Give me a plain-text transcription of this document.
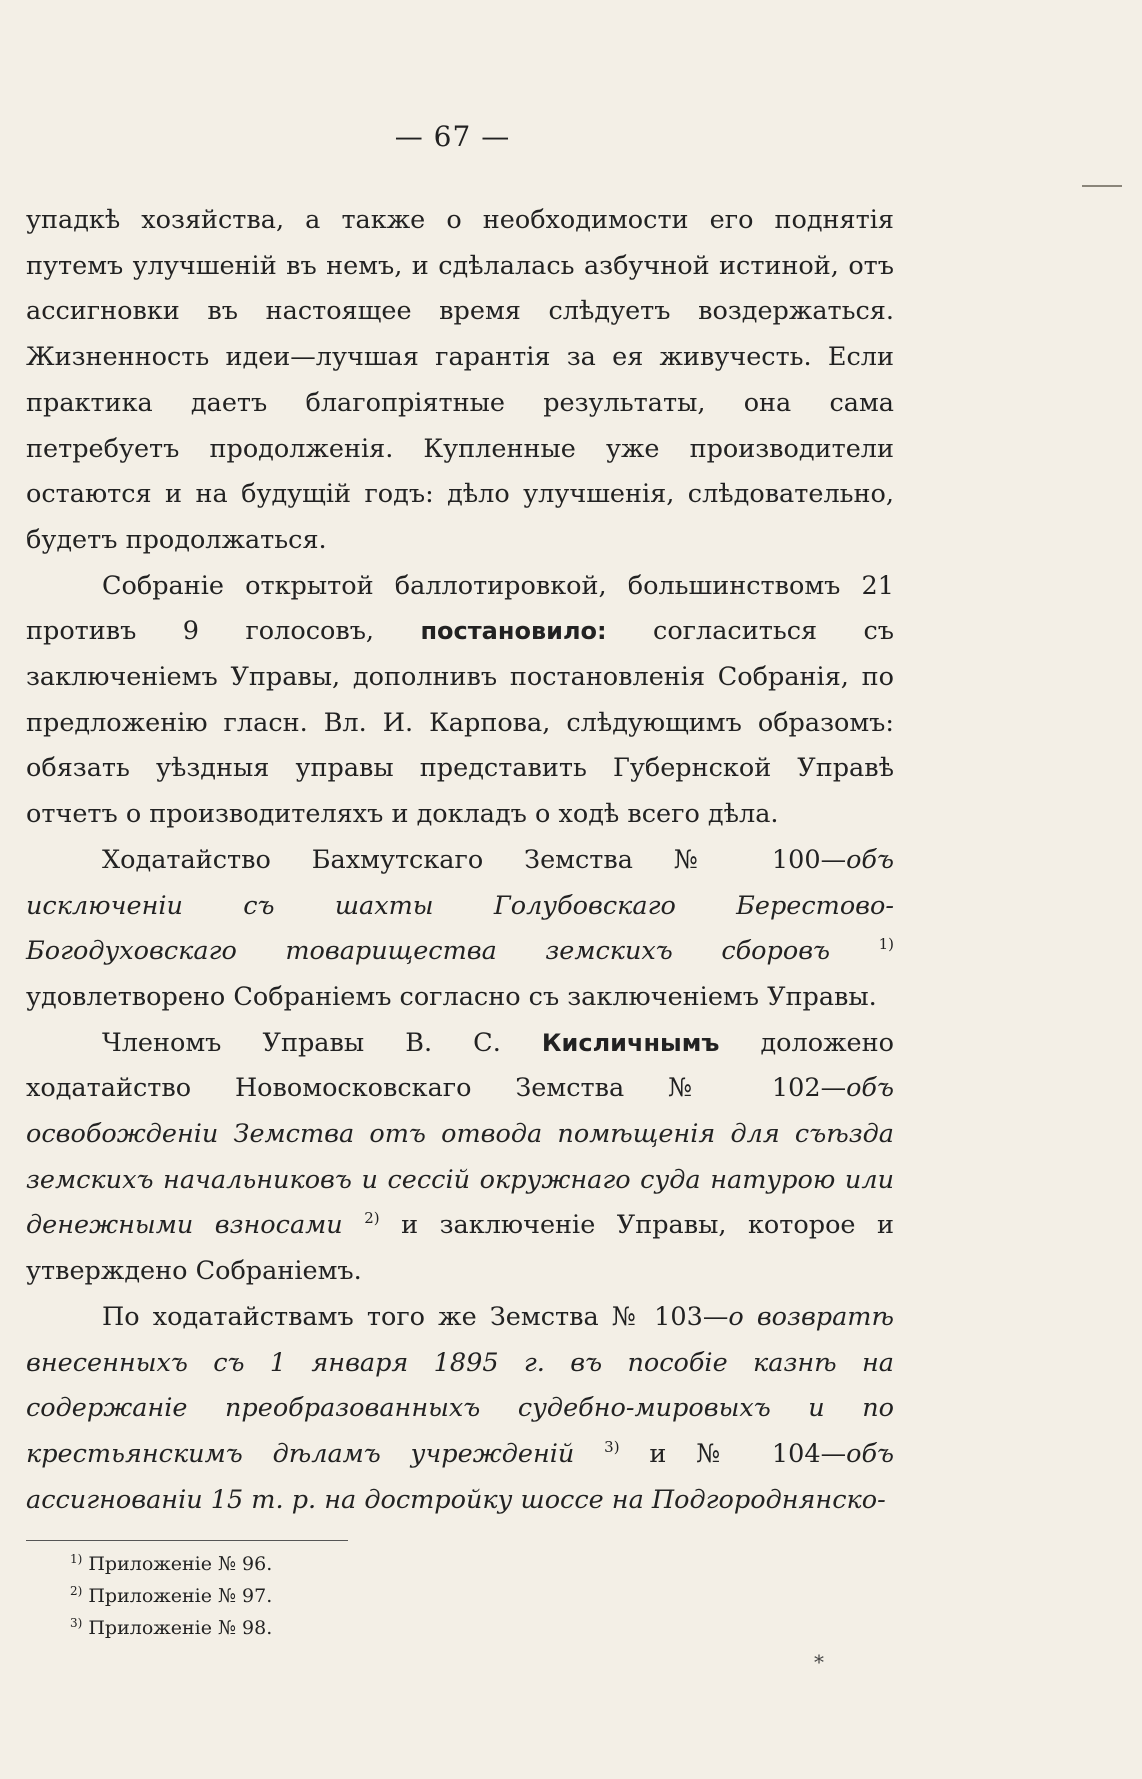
— 67 —

упадкѣ хозяйства, а также о необходимости его поднятія путемъ улучшеній въ немъ, и сдѣлалась азбучной истиной, отъ ассигновки въ настоящее время слѣдуетъ воздержаться. Жизненность идеи—лучшая гарантія за ея живучесть. Если практика даетъ благопріятные результаты, она сама петребуетъ продолженія. Купленные уже производители остаются и на будущій годъ: дѣло улучшенія, слѣдовательно, будетъ продолжаться.

Собраніе открытой баллотировкой, большинствомъ 21 противъ 9 голосовъ, постановило: согласиться съ заключеніемъ Управы, дополнивъ постановленія Собранія, по предложенію гласн. Вл. И. Карпова, слѣдующимъ образомъ: обязать уѣздныя управы представить Губернской Управѣ отчетъ о производителяхъ и докладъ о ходѣ всего дѣла.

Ходатайство Бахмутскаго Земства № 100—объ исключеніи съ шахты Голубовскаго Берестово-Богодуховскаго товарищества земскихъ сборовъ	$^{1)}$ удовлетворено Собраніемъ согласно съ заключеніемъ Управы.

Членомъ Управы В. С. Кисличнымъ доложено ходатайство Новомосковскаго Земства № 102—объ освобожденіи Земства отъ отвода помѣщенія для съѣзда земскихъ начальниковъ и сессій окружнаго суда натурою или денежными взносами $^{2)}$ и заключеніе Управы, которое и утверждено Собраніемъ.

По ходатайствамъ того же Земства № 103—о возвратѣ внесенныхъ съ 1 января 1895 г. въ пособіе казнѣ на содержаніе преобразованныхъ судебно-мировыхъ и по крестьянскимъ дѣламъ учрежденій $^{3)}$ и № 104—объ ассигнованіи 15 т. р. на достройку шоссе на Подгороднянско-

$^{1)}$ Приложеніе № 96.
$^{2)}$ Приложеніе № 97.
$^{3)}$ Приложеніе № 98.
*
